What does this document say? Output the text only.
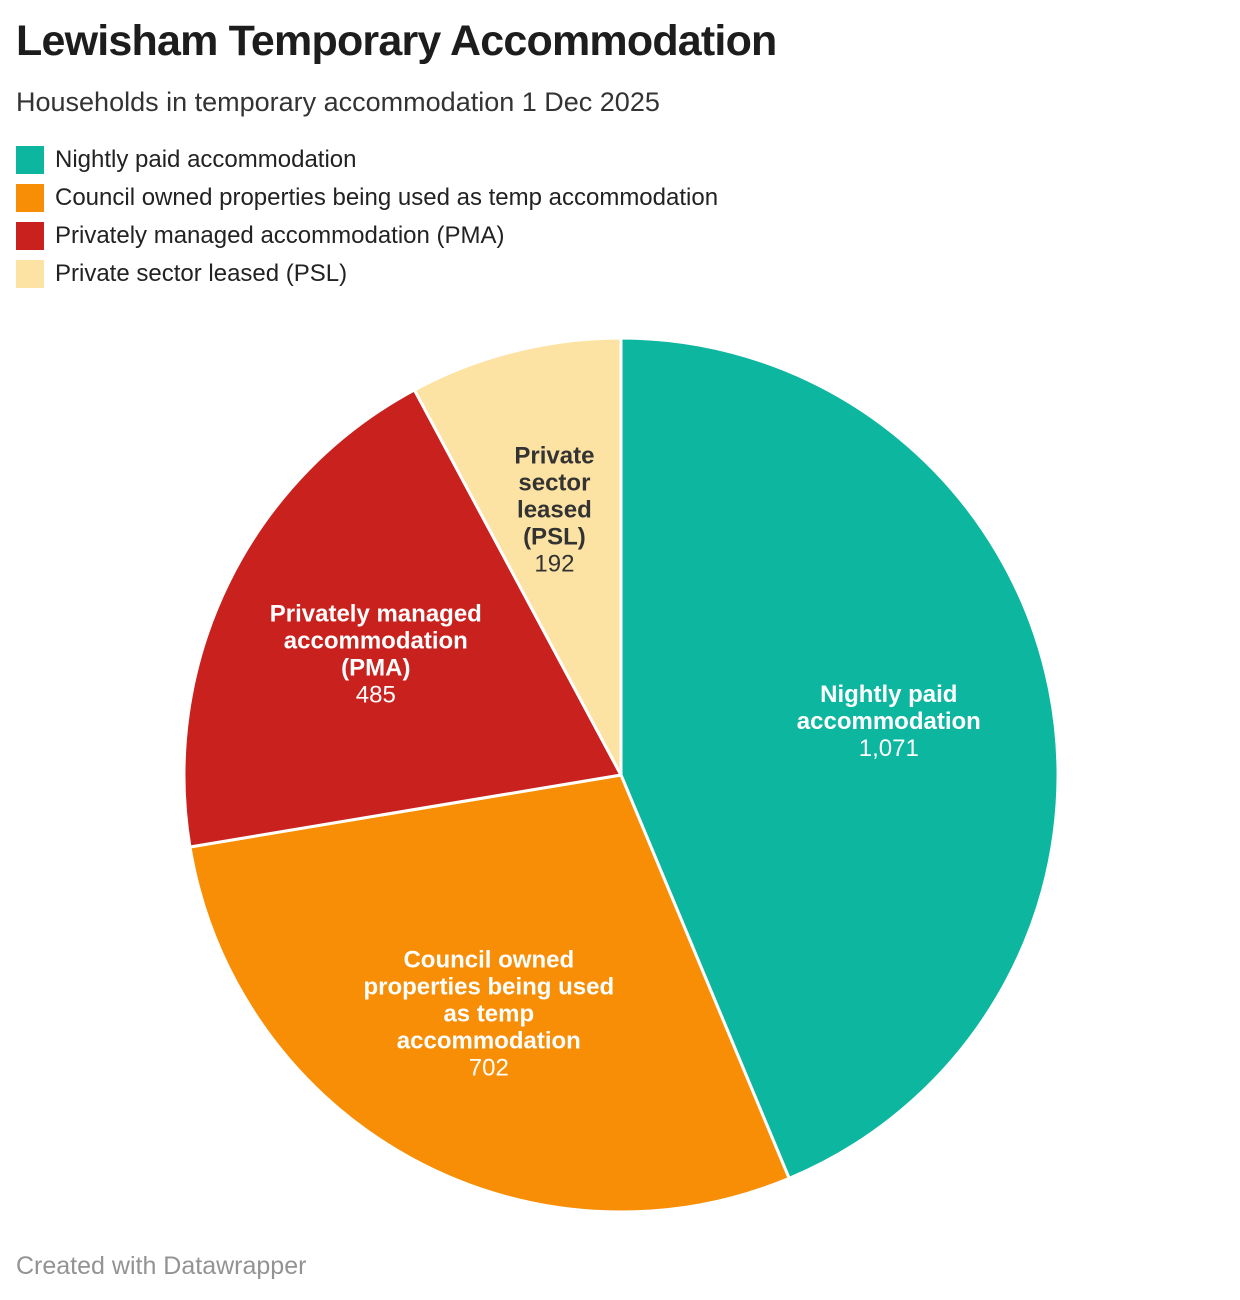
Lewisham Temporary Accommodation

Households in temporary accommodation 1 Dec 2025

Nightly paid accommodation
Council owned properties being used as temp accommodation
Privately managed accommodation (PMA)
Private sector leased (PSL)
Nightly paid accommodation 1,071
Council owned properties being used as temp accommodation 702
Privately managed accommodation (PMA) 485
Private sector leased (PSL) 192
Created with Datawrapper
